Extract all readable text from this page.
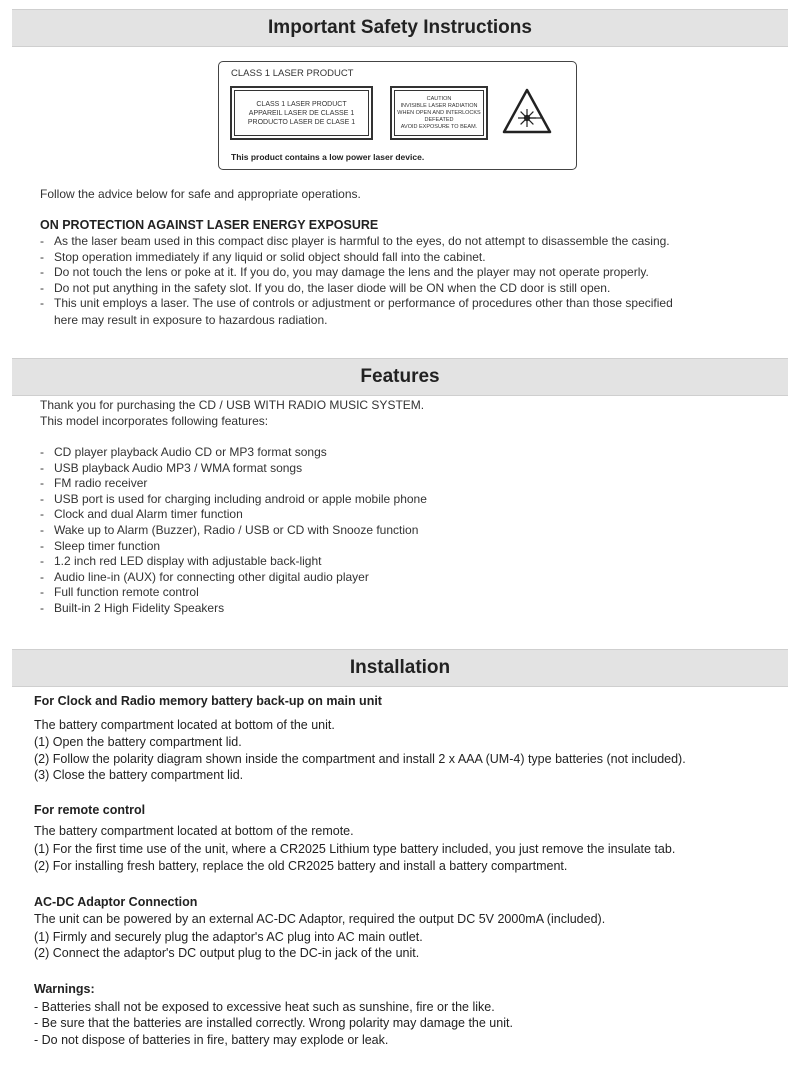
Important Safety Instructions
CLASS 1 LASER PRODUCT
CLASS 1 LASER PRODUCT
APPAREIL LASER DE CLASSE 1
PRODUCTO LASER DE CLASE 1
CAUTION
INVISIBLE LASER RADIATION
WHEN OPEN AND INTERLOCKS
DEFEATED
AVOID EXPOSURE TO BEAM.
This product contains a low power laser device.
Follow the advice below for safe and appropriate operations.
ON PROTECTION AGAINST LASER ENERGY EXPOSURE
- As the laser beam used in this compact disc player is harmful to the eyes, do not attempt to disassemble the casing.
- Stop operation immediately if any liquid or solid object should fall into the cabinet.
- Do not touch the lens or poke at it. If you do, you may damage the lens and the player may not operate properly.
- Do not put anything in the safety slot. If you do, the laser diode will be ON when the CD door is still open.
- This unit employs a laser. The use of controls or adjustment or performance of procedures other than those specified
here may result in exposure to hazardous radiation.
Features
Thank you for purchasing the CD / USB WITH RADIO MUSIC SYSTEM.
This model incorporates following features:
- CD player playback Audio CD or MP3 format songs
- USB playback Audio MP3 / WMA format songs
- FM radio receiver
- USB port is used for charging including android or apple mobile phone
- Clock and dual Alarm timer function
- Wake up to Alarm (Buzzer), Radio / USB or CD with Snooze function
- Sleep timer function
- 1.2 inch red LED display with adjustable back-light
- Audio line-in (AUX) for connecting other digital audio player
- Full function remote control
- Built-in 2 High Fidelity Speakers
Installation
For Clock and Radio memory battery back-up on main unit
The battery compartment located at bottom of the unit.
(1) Open the battery compartment lid.
(2) Follow the polarity diagram shown inside the compartment and install 2 x AAA (UM-4) type batteries (not included).
(3) Close the battery compartment lid.
For remote control
The battery compartment located at bottom of the remote.
(1) For the first time use of the unit, where a CR2025 Lithium type battery included, you just remove the insulate tab.
(2) For installing fresh battery, replace the old CR2025 battery and install a battery compartment.
AC-DC Adaptor Connection
The unit can be powered by an external AC-DC Adaptor, required the output DC 5V 2000mA (included).
(1) Firmly and securely plug the adaptor's AC plug into AC main outlet.
(2) Connect the adaptor's DC output plug to the DC-in jack of the unit.
Warnings:
- Batteries shall not be exposed to excessive heat such as sunshine, fire or the like.
- Be sure that the batteries are installed correctly. Wrong polarity may damage the unit.
- Do not dispose of batteries in fire, battery may explode or leak.
